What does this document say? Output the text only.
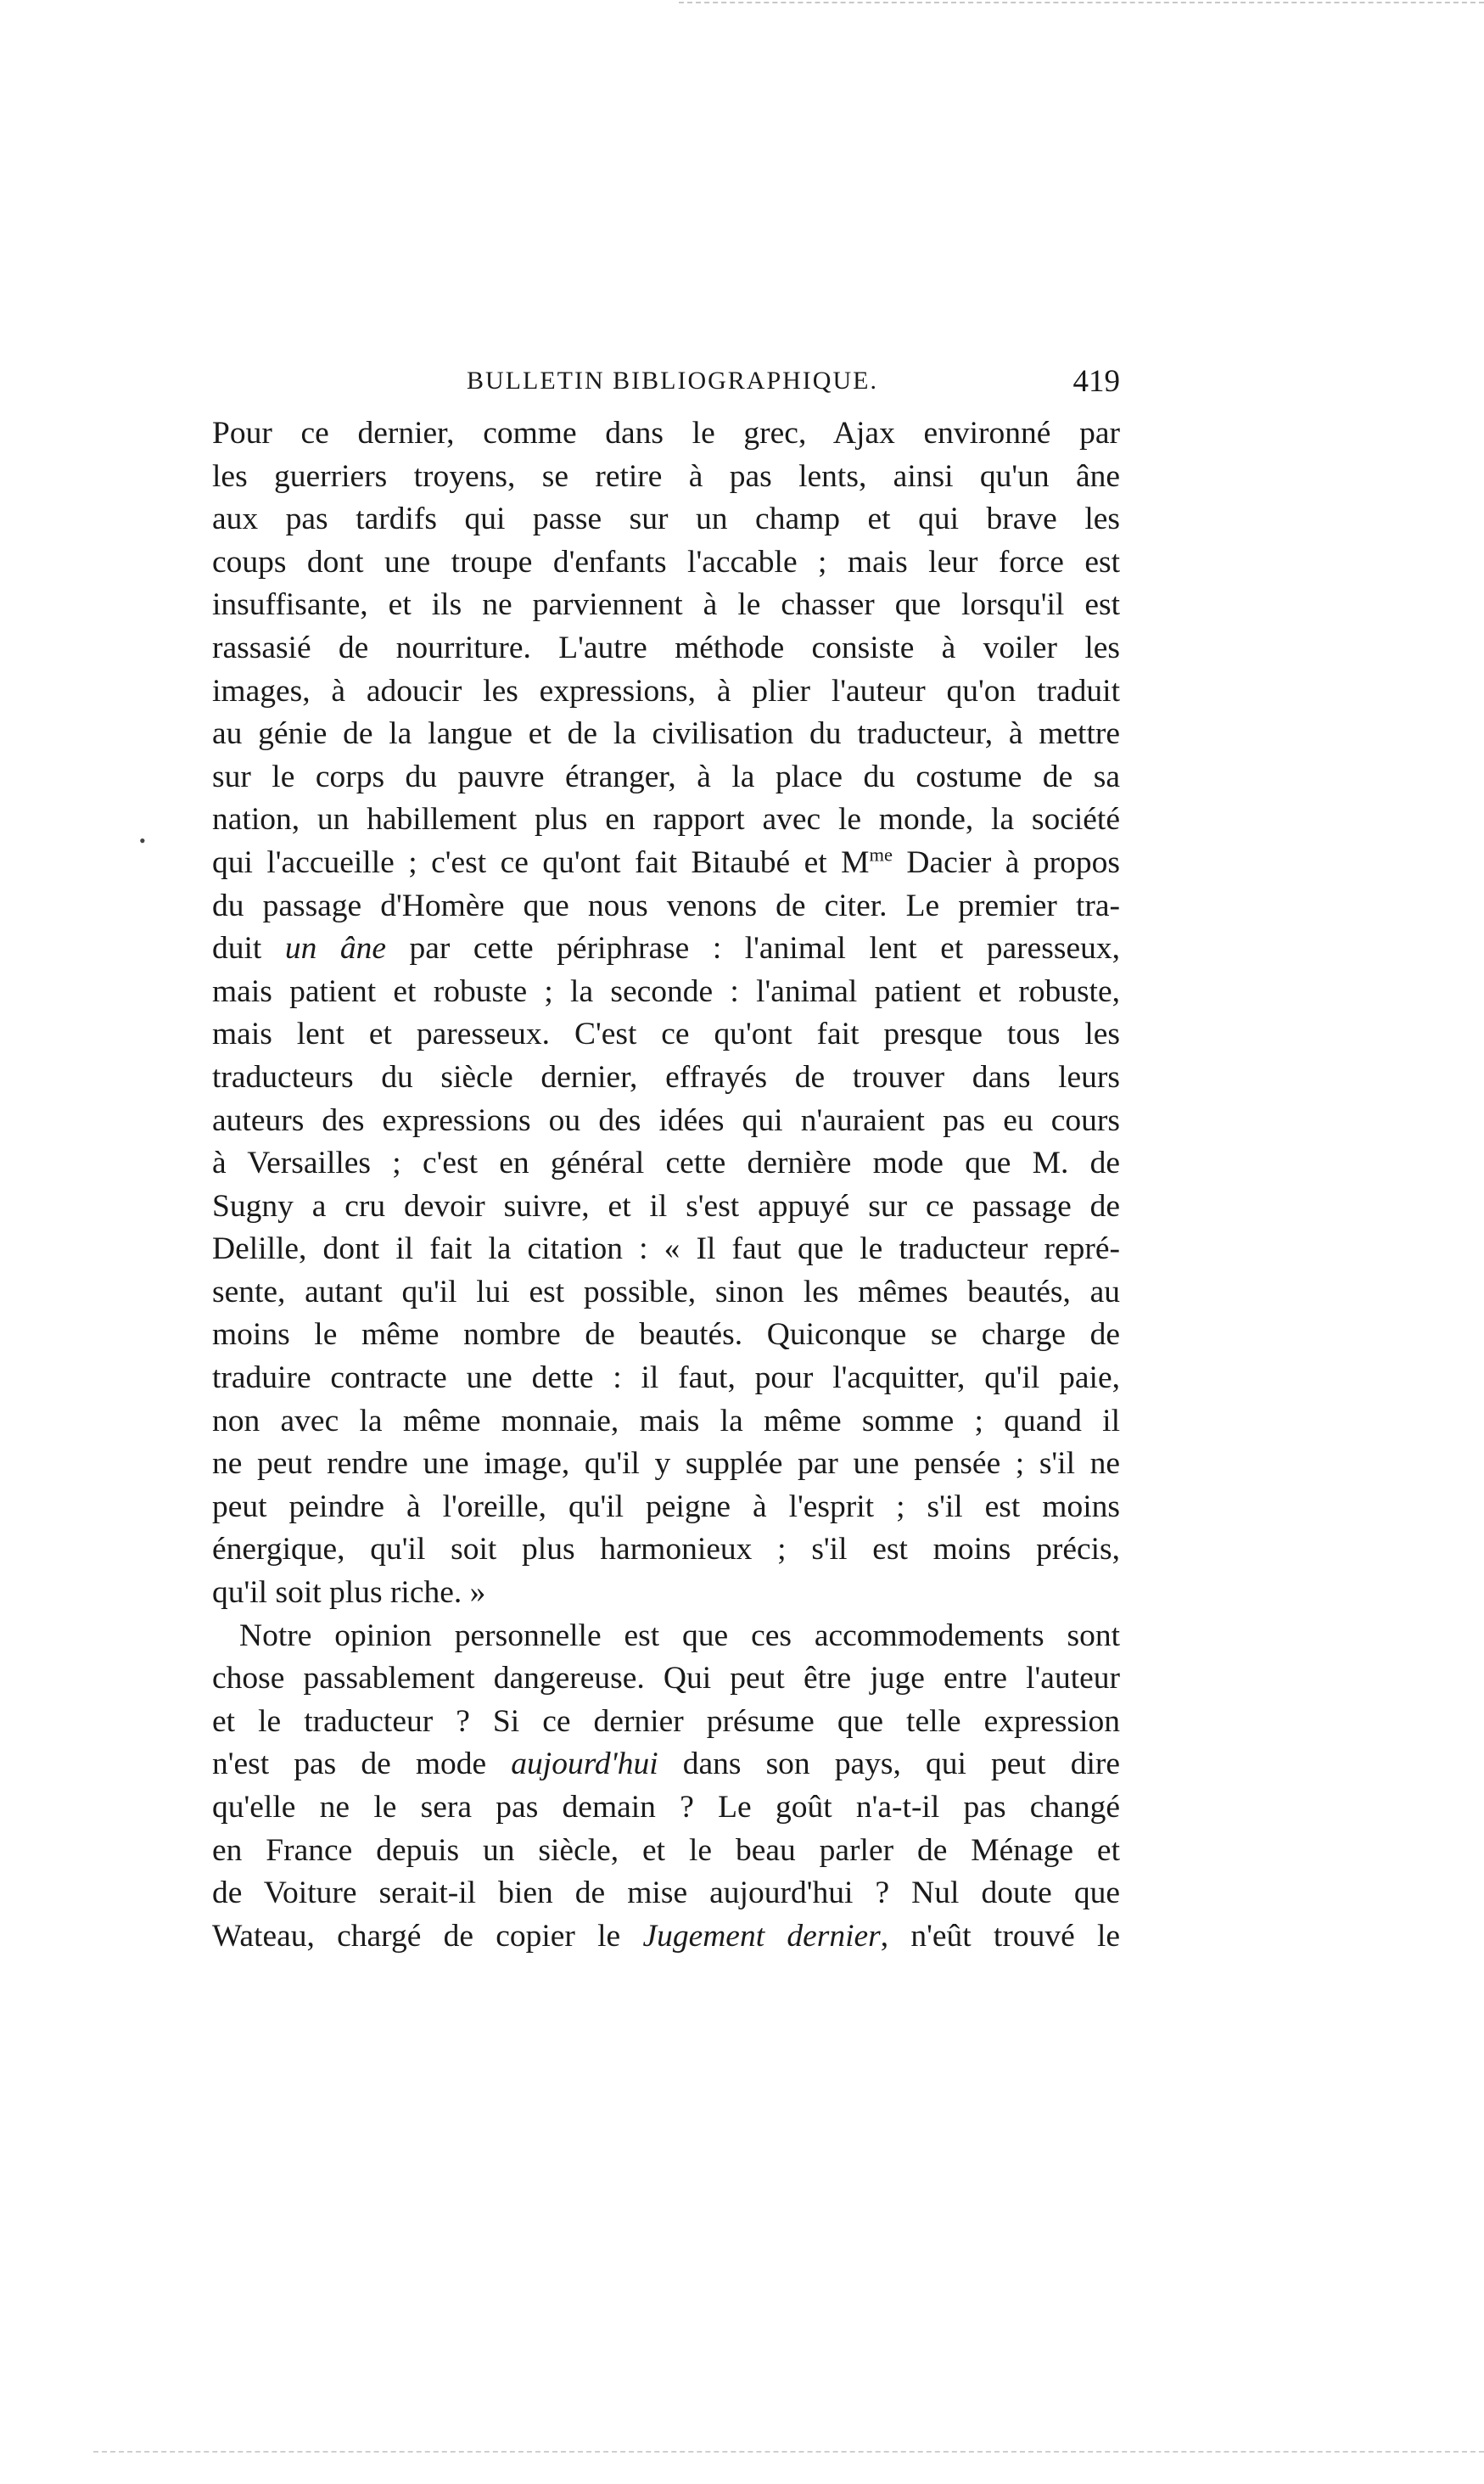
•
BULLETIN BIBLIOGRAPHIQUE.	419
Pour ce dernier, comme dans le grec, Ajax environné par
les guerriers troyens, se retire à pas lents, ainsi qu'un âne
aux pas tardifs qui passe sur un champ et qui brave les
coups dont une troupe d'enfants l'accable ; mais leur force est
insuffisante, et ils ne parviennent à le chasser que lorsqu'il est
rassasié de nourriture. L'autre méthode consiste à voiler les
images, à adoucir les expressions, à plier l'auteur qu'on traduit
au génie de la langue et de la civilisation du traducteur, à mettre
sur le corps du pauvre étranger, à la place du costume de sa
nation, un habillement plus en rapport avec le monde, la société
qui l'accueille ; c'est ce qu'ont fait Bitaubé et $M^{me}$ Dacier à propos
du passage d'Homère que nous venons de citer. Le premier tra-
duit un âne par cette périphrase : l'animal lent et paresseux,
mais patient et robuste ; la seconde : l'animal patient et robuste,
mais lent et paresseux. C'est ce qu'ont fait presque tous les
traducteurs du siècle dernier, effrayés de trouver dans leurs
auteurs des expressions ou des idées qui n'auraient pas eu cours
à Versailles ; c'est en général cette dernière mode que M. de
Sugny a cru devoir suivre, et il s'est appuyé sur ce passage de
Delille, dont il fait la citation : « Il faut que le traducteur repré-
sente, autant qu'il lui est possible, sinon les mêmes beautés, au
moins le même nombre de beautés. Quiconque se charge de
traduire contracte une dette : il faut, pour l'acquitter, qu'il paie,
non avec la même monnaie, mais la même somme ; quand il
ne peut rendre une image, qu'il y supplée par une pensée ; s'il ne
peut peindre à l'oreille, qu'il peigne à l'esprit ; s'il est moins
énergique, qu'il soit plus harmonieux ; s'il est moins précis,
qu'il soit plus riche. »
Notre opinion personnelle est que ces accommodements sont
chose passablement dangereuse. Qui peut être juge entre l'auteur
et le traducteur ? Si ce dernier présume que telle expression
n'est pas de mode aujourd'hui dans son pays, qui peut dire
qu'elle ne le sera pas demain ? Le goût n'a-t-il pas changé
en France depuis un siècle, et le beau parler de Ménage et
de Voiture serait-il bien de mise aujourd'hui ? Nul doute que
Wateau, chargé de copier le Jugement dernier, n'eût trouvé le
